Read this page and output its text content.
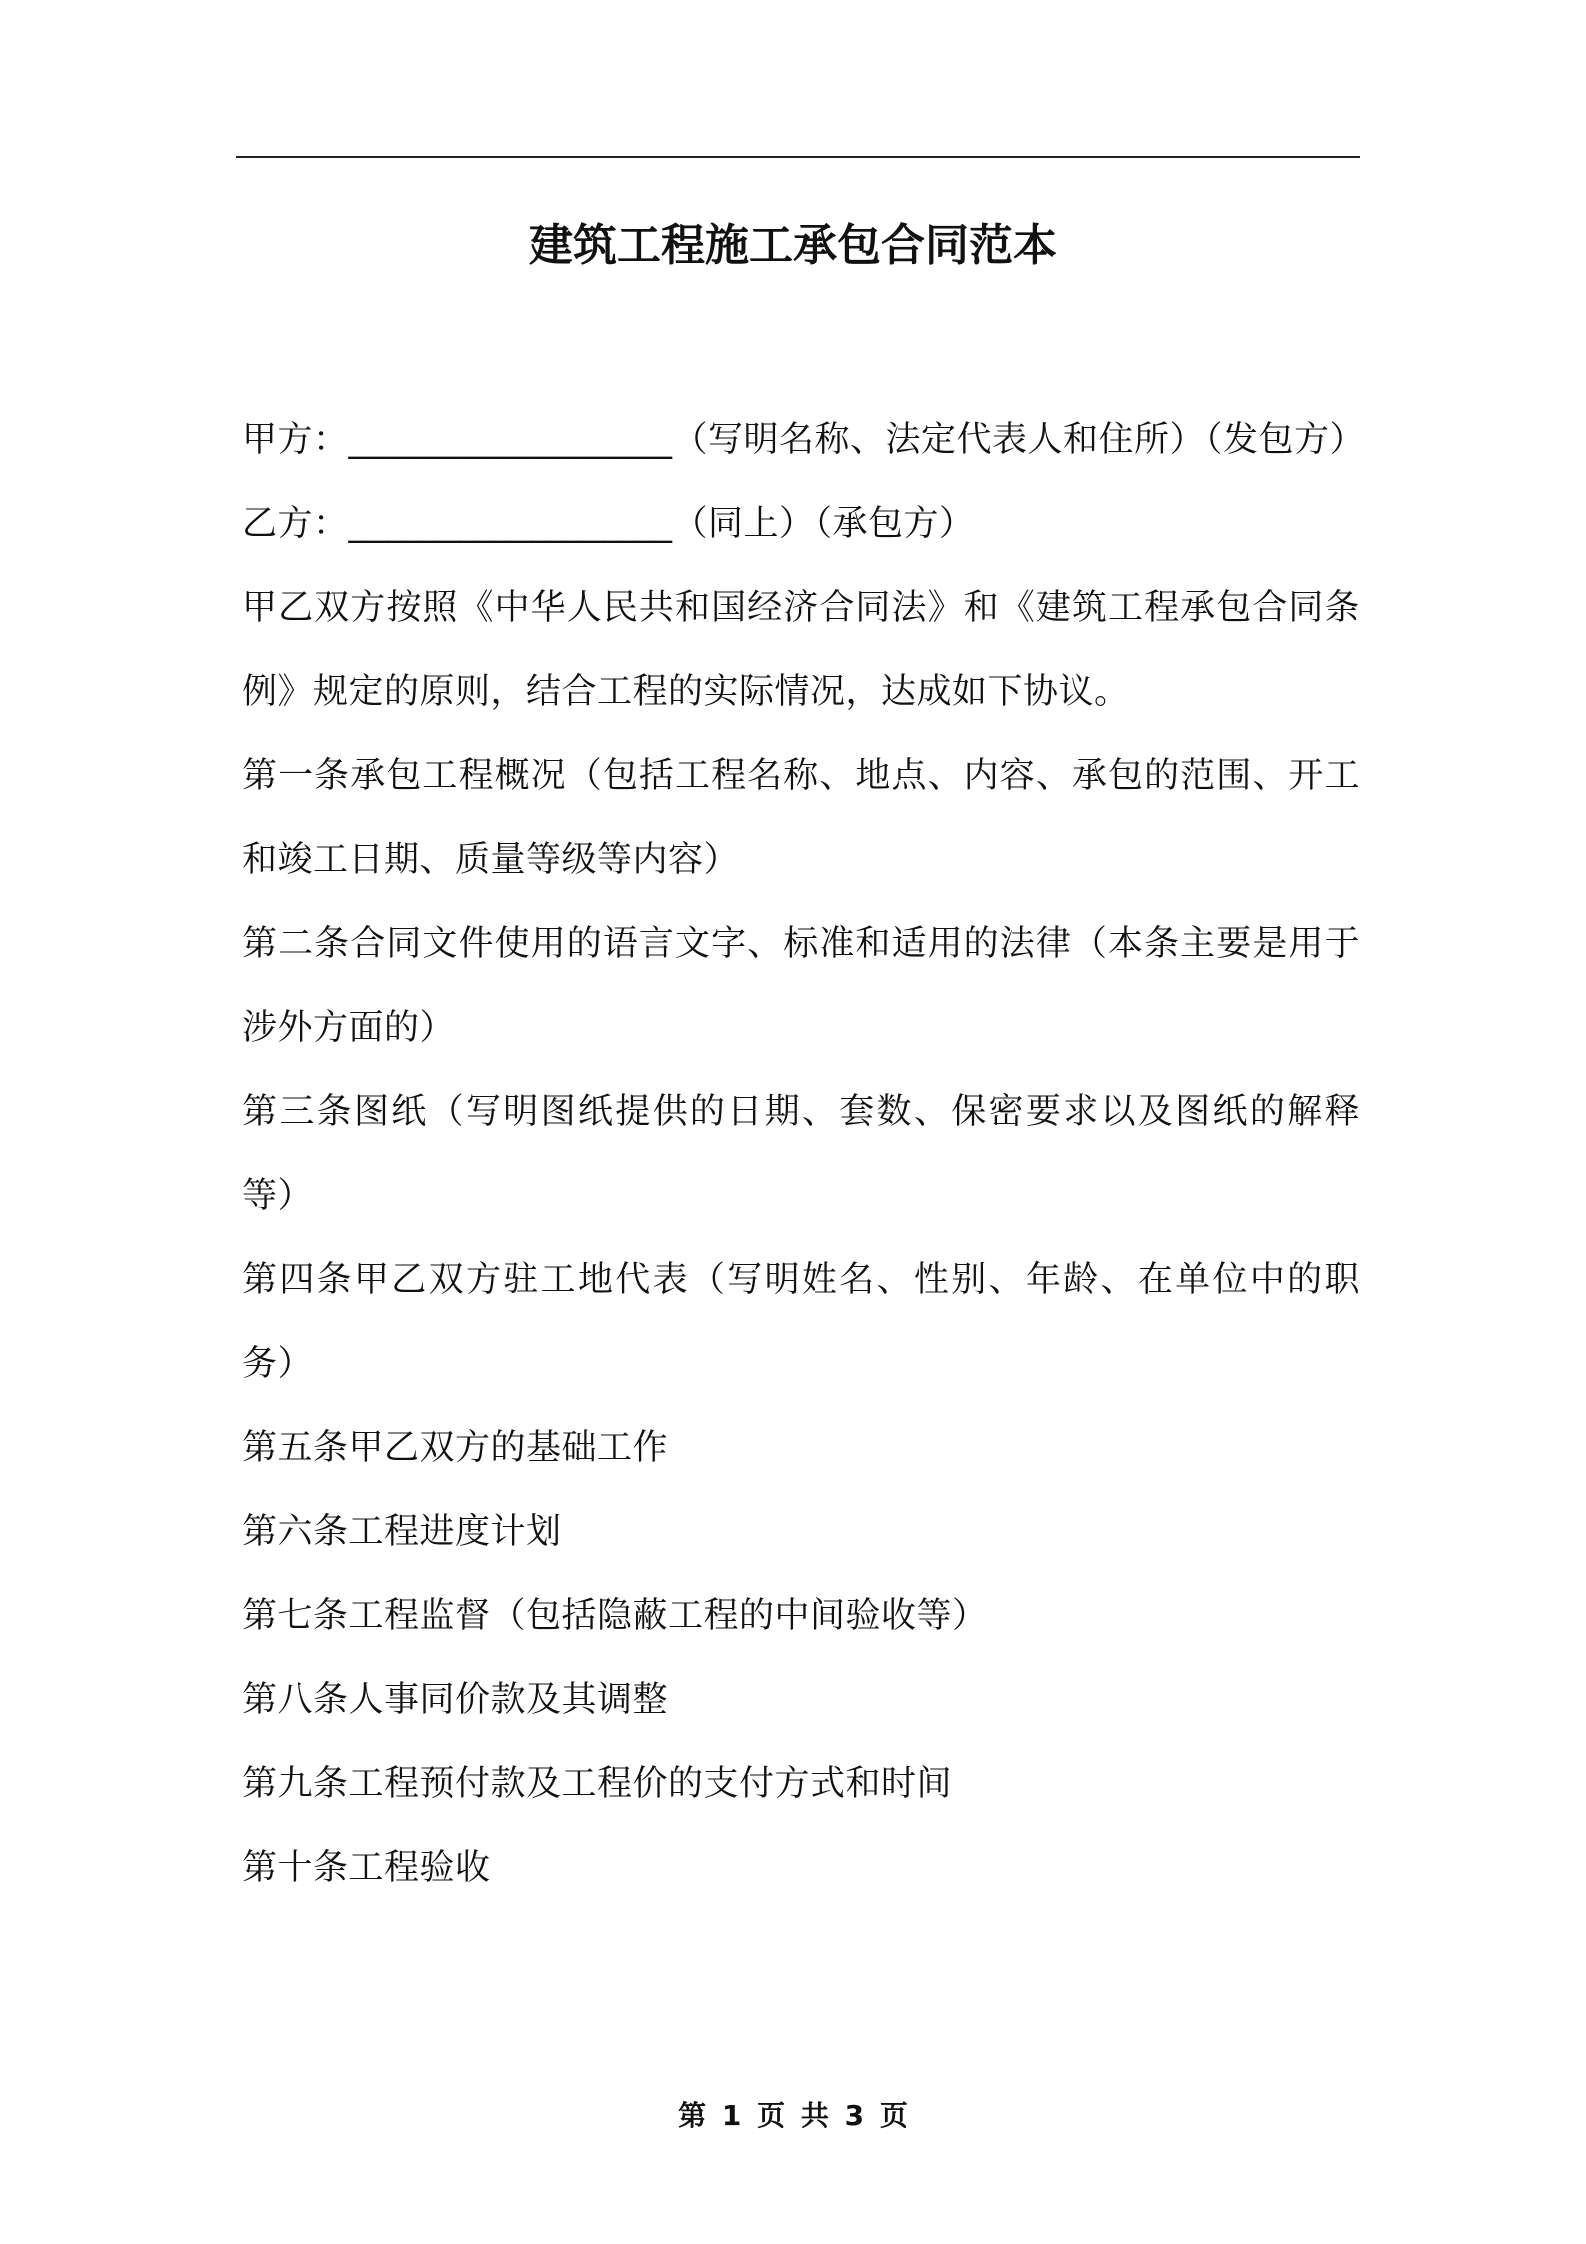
建筑工程施工承包合同范本

甲方：__________________（写明名称、法定代表人和住所）（发包方）

乙方：__________________（同上）（承包方）

甲乙双方按照《中华人民共和国经济合同法》和《建筑工程承包合同条例》规定的原则，结合工程的实际情况，达成如下协议。

第一条承包工程概况（包括工程名称、地点、内容、承包的范围、开工和竣工日期、质量等级等内容）

第二条合同文件使用的语言文字、标准和适用的法律（本条主要是用于涉外方面的）

第三条图纸（写明图纸提供的日期、套数、保密要求以及图纸的解释等）

第四条甲乙双方驻工地代表（写明姓名、性别、年龄、在单位中的职务）

第五条甲乙双方的基础工作

第六条工程进度计划

第七条工程监督（包括隐蔽工程的中间验收等）

第八条人事同价款及其调整

第九条工程预付款及工程价的支付方式和时间

第十条工程验收

第 1 页 共 3 页
